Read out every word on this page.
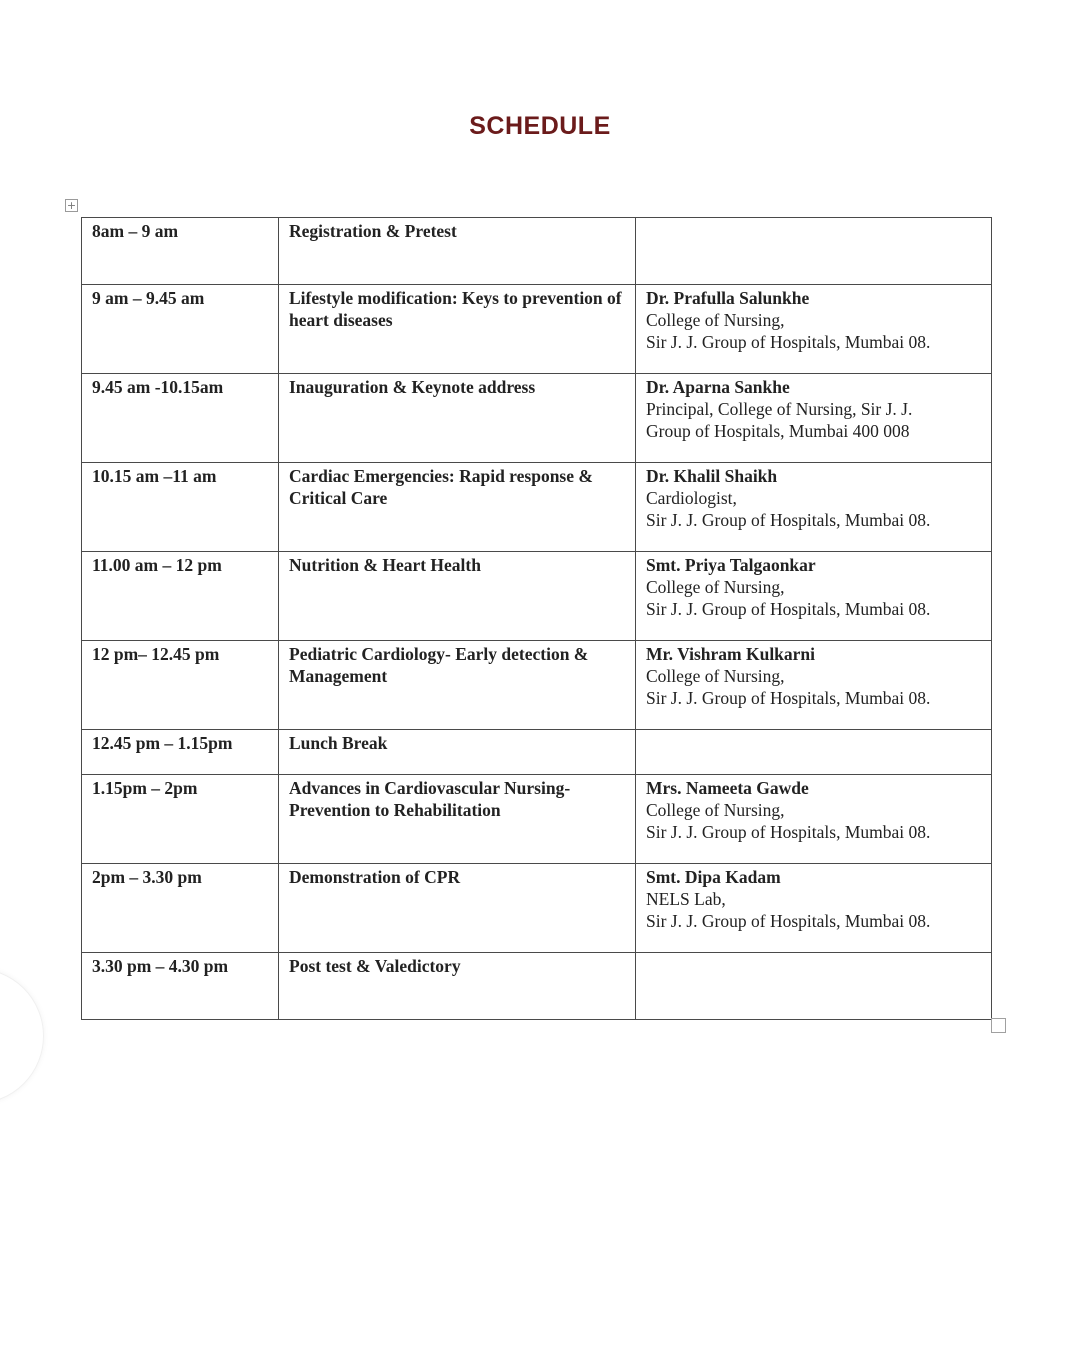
SCHEDULE
+
8am – 9 am	Registration & Pretest	

9 am – 9.45 am	Lifestyle modification: Keys to prevention of heart diseases	Dr. Prafulla Salunkhe
College of Nursing,
Sir J. J. Group of Hospitals, Mumbai 08.

9.45 am -10.15am	Inauguration & Keynote address	Dr. Aparna Sankhe
Principal, College of Nursing, Sir J. J.
Group of Hospitals, Mumbai 400 008

10.15 am –11 am	Cardiac Emergencies: Rapid response & Critical Care	Dr. Khalil Shaikh
Cardiologist,
Sir J. J. Group of Hospitals, Mumbai 08.

11.00 am – 12 pm	Nutrition & Heart Health	Smt. Priya Talgaonkar
College of Nursing,
Sir J. J. Group of Hospitals, Mumbai 08.

12 pm– 12.45 pm	Pediatric Cardiology- Early detection & Management	Mr. Vishram Kulkarni
College of Nursing,
Sir J. J. Group of Hospitals, Mumbai 08.

12.45 pm – 1.15pm	Lunch Break	

1.15pm – 2pm	Advances in Cardiovascular Nursing- Prevention to Rehabilitation	Mrs. Nameeta Gawde
College of Nursing,
Sir J. J. Group of Hospitals, Mumbai 08.

2pm – 3.30 pm	Demonstration of CPR	Smt. Dipa Kadam
NELS Lab,
Sir J. J. Group of Hospitals, Mumbai 08.

3.30 pm – 4.30 pm	Post test & Valedictory	
